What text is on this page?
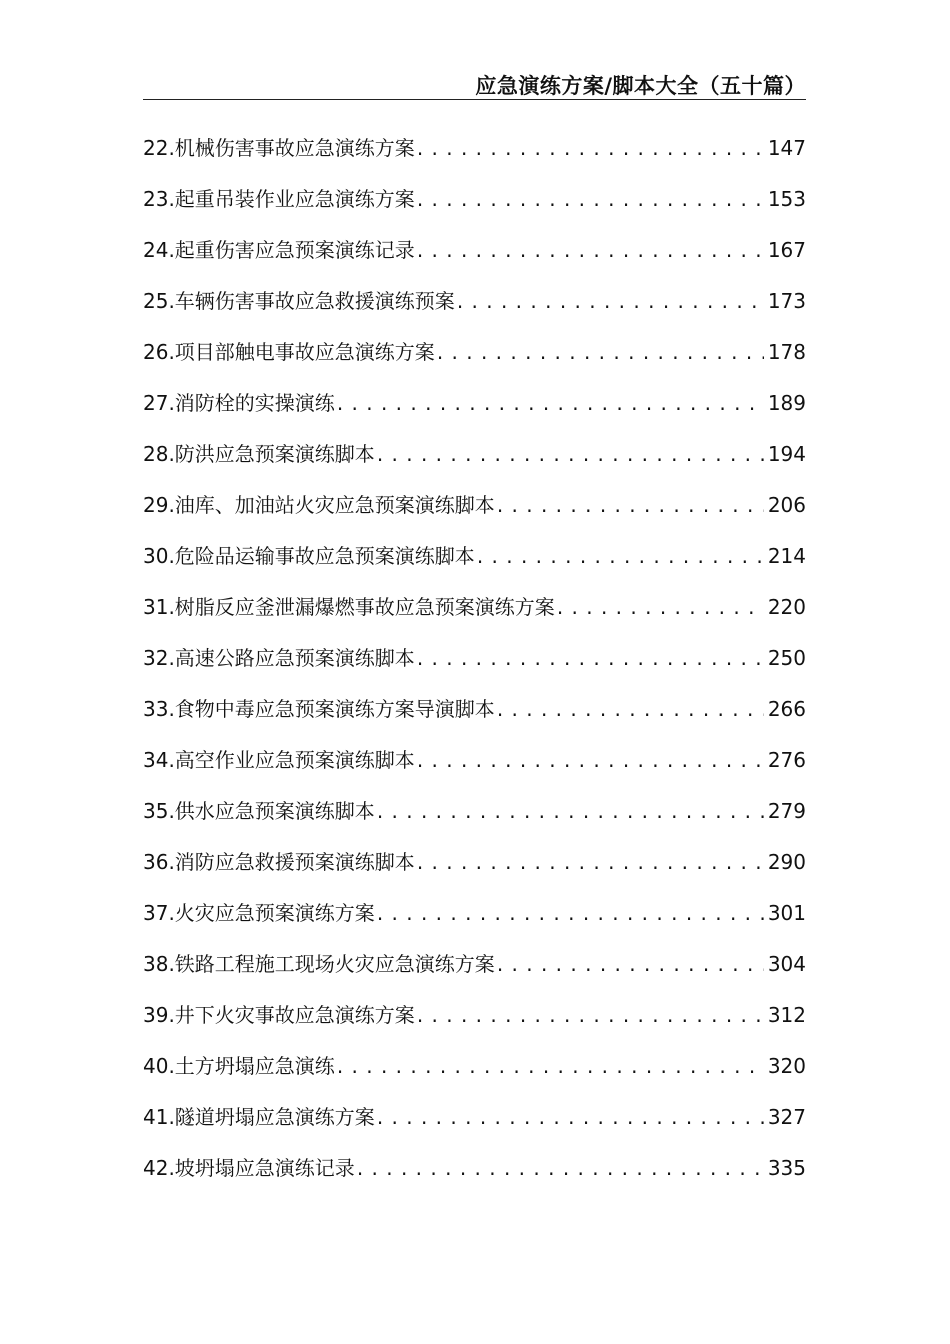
应急演练方案/脚本大全（五十篇）
22.机械伤害事故应急演练方案 . . .	147
23.起重吊装作业应急演练方案 . . .	153
24.起重伤害应急预案演练记录 . . .	167
25.车辆伤害事故应急救援演练预案 . . .	173
26.项目部触电事故应急演练方案 . . .	178
27.消防栓的实操演练 . . .	189
28.防洪应急预案演练脚本 . . .	194
29.油库、加油站火灾应急预案演练脚本 . . .	206
30.危险品运输事故应急预案演练脚本 . . .	214
31.树脂反应釜泄漏爆燃事故应急预案演练方案 . . .	220
32.高速公路应急预案演练脚本 . . .	250
33.食物中毒应急预案演练方案导演脚本 . . .	266
34.高空作业应急预案演练脚本 . . .	276
35.供水应急预案演练脚本 . . .	279
36.消防应急救援预案演练脚本 . . .	290
37.火灾应急预案演练方案 . . .	301
38.铁路工程施工现场火灾应急演练方案 . . .	304
39.井下火灾事故应急演练方案 . . .	312
40.土方坍塌应急演练 . . .	320
41.隧道坍塌应急演练方案 . . .	327
42.坡坍塌应急演练记录 . . .	335
